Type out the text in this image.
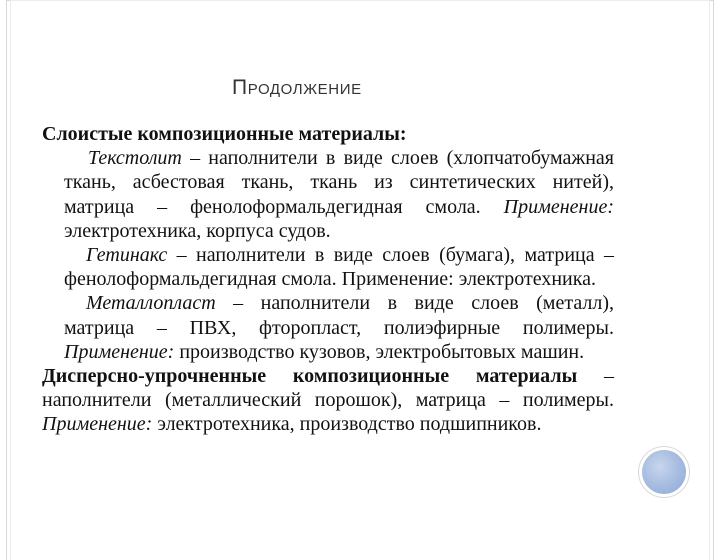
ПРОДОЛЖЕНИЕ

Слоистые композиционные материалы:

Текстолит – наполнители в виде слоев (хлопчатобумажная ткань, асбестовая ткань, ткань из синтетических нитей), матрица – фенолоформальдегидная смола. Применение: электротехника, корпуса судов.

Гетинакс – наполнители в виде слоев (бумага), матрица – фенолоформальдегидная смола. Применение: электротехника.

Металлопласт – наполнители в виде слоев (металл), матрица – ПВХ, фторопласт, полиэфирные полимеры. Применение: производство кузовов, электробытовых машин.

Дисперсно-упрочненные композиционные материалы – наполнители (металлический порошок), матрица – полимеры. Применение: электротехника, производство подшипников.
